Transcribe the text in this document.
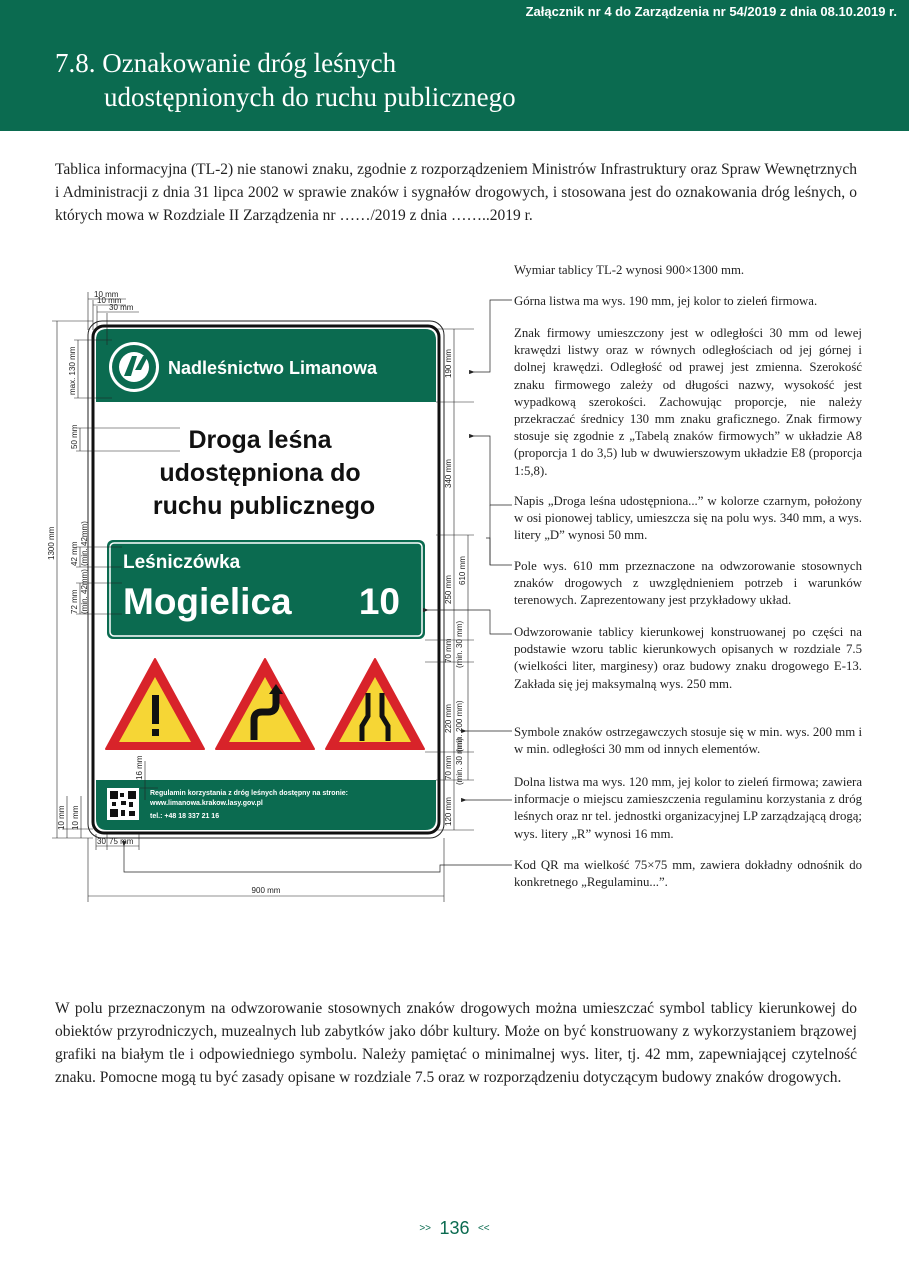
Załącznik nr 4 do Zarządzenia nr 54/2019 z dnia 08.10.2019 r.
7.8. Oznakowanie dróg leśnych
udostępnionych do ruchu publicznego
Tablica informacyjna (TL-2) nie stanowi znaku, zgodnie z rozporządzeniem Ministrów Infrastruktury oraz Spraw Wewnętrznych i Administracji z dnia 31 lipca 2002 w sprawie znaków i sygnałów drogowych, i stosowana jest do oznakowania dróg leśnych, o których mowa w Rozdziale II Zarządzenia nr ……/2019 z dnia ……..2019 r.
Nadleśnictwo Limanowa
Droga leśna
udostępniona do
ruchu publicznego
Leśniczówka
Mogielica 10
Regulamin korzystania z dróg leśnych dostępny na stronie:
www.limanowa.krakow.lasy.gov.pl
tel.: +48 18 337 21 16
10 mm
10 mm
30 mm
1300 mm
max. 130 mm
50 mm
42 mm (min. 42mm)
72 mm (min. 42mm)
10 mm 10 mm
16 mm
30 75 mm
900 mm
190 mm
340 mm
610 mm
250 mm
70 mm (min. 30 mm)
220 mm (min. 200 mm)
70 mm (min. 30 mm)
120 mm
Wymiar tablicy TL-2 wynosi 900×1300 mm.
Górna listwa ma wys. 190 mm, jej kolor to zieleń firmowa.
Znak firmowy umieszczony jest w odległości 30 mm od lewej krawędzi listwy oraz w równych odległościach od jej górnej i dolnej krawędzi. Odległość od prawej jest zmienna. Szerokość znaku firmowego zależy od długości nazwy, wysokość jest wypadkową szerokości. Zachowując proporcje, nie należy przekraczać średnicy 130 mm znaku graficznego. Znak firmowy stosuje się zgodnie z „Tabelą znaków firmowych” w układzie A8 (proporcja 1 do 3,5) lub w dwuwierszowym układzie E8 (proporcja 1:5,8).
Napis „Droga leśna udostępniona...” w kolorze czarnym, położony w osi pionowej tablicy, umieszcza się na polu wys. 340 mm, a wys. litery „D” wynosi 50 mm.
Pole wys. 610 mm przeznaczone na odwzorowanie stosownych znaków drogowych z uwzględnieniem potrzeb i warunków terenowych. Zaprezentowany jest przykładowy układ.
Odwzorowanie tablicy kierunkowej konstruowanej po części na podstawie wzoru tablic kierunkowych opisanych w rozdziale 7.5 (wielkości liter, marginesy) oraz budowy znaku drogowego E-13. Zakłada się jej maksymalną wys. 250 mm.
Symbole znaków ostrzegawczych stosuje się w min. wys. 200 mm i w min. odległości 30 mm od innych elementów.
Dolna listwa ma wys. 120 mm, jej kolor to zieleń firmowa; zawiera informacje o miejscu zamieszczenia regulaminu korzystania z dróg leśnych oraz nr tel. jednostki organizacyjnej LP zarządzającą drogą; wys. litery „R” wynosi 16 mm.
Kod QR ma wielkość 75×75 mm, zawiera dokładny odnośnik do konkretnego „Regulaminu...”.
W polu przeznaczonym na odwzorowanie stosownych znaków drogowych można umieszczać symbol tablicy kierunkowej do obiektów przyrodniczych, muzealnych lub zabytków jako dóbr kultury. Może on być konstruowany z wykorzystaniem brązowej grafiki na białym tle i odpowiedniego symbolu. Należy pamiętać o minimalnej wys. liter, tj. 42 mm, zapewniającej czytelność znaku. Pomocne mogą tu być zasady opisane w rozdziale 7.5 oraz w rozporządzeniu dotyczącym budowy znaków drogowych.
>> 136 <<
